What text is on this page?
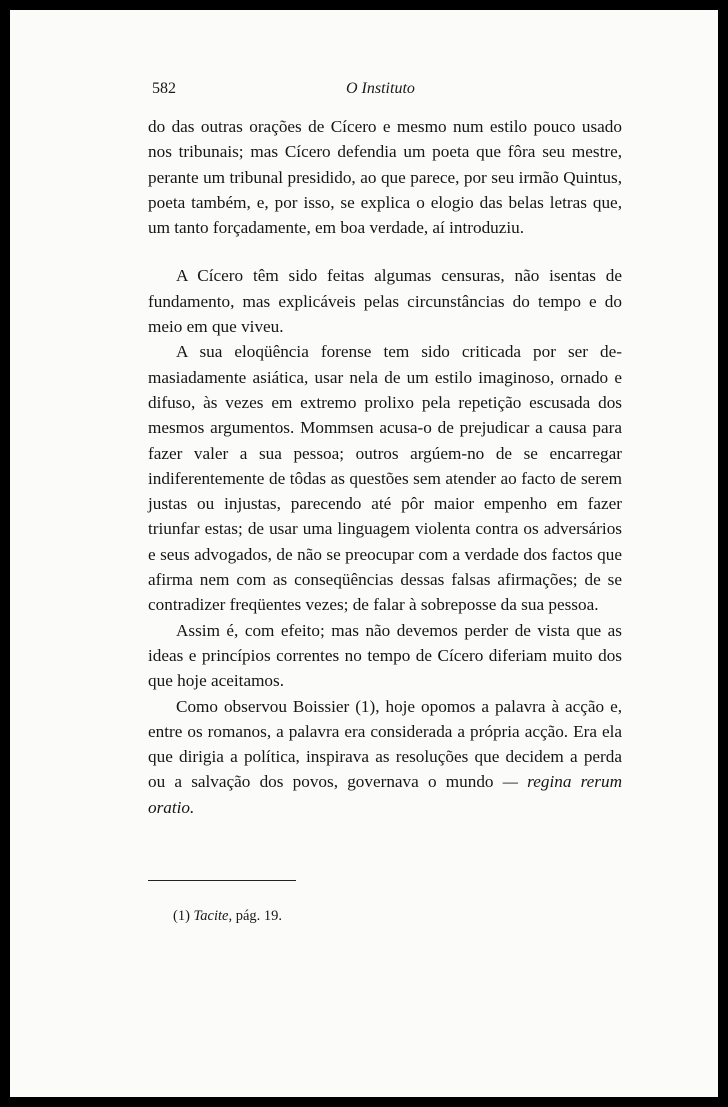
582	O Instituto

do das outras orações de Cícero e mesmo num estilo pouco usado nos tribunais; mas Cícero defendia um poeta que fôra seu mestre, perante um tribunal presidido, ao que parece, por seu irmão Quintus, poeta também, e, por isso, se explica o elogio das belas letras que, um tanto forçadamente, em boa verdade, aí introduziu.

A Cícero têm sido feitas algumas censuras, não isentas de fundamento, mas explicáveis pelas circunstâncias do tempo e do meio em que viveu.

A sua eloqüência forense tem sido criticada por ser demasiadamente asiática, usar nela de um estilo imaginoso, ornado e difuso, às vezes em extremo prolixo pela repetição escusada dos mesmos argumentos. Mommsen acusa-o de prejudicar a causa para fazer valer a sua pessoa; outros argúem-no de se encarregar indiferentemente de tôdas as questões sem atender ao facto de serem justas ou injustas, parecendo até pôr maior empenho em fazer triunfar estas; de usar uma linguagem violenta contra os adversários e seus advogados, de não se preocupar com a verdade dos factos que afirma nem com as conseqüências dessas falsas afirmações; de se contradizer freqüentes vezes; de falar à sobreposse da sua pessoa.

Assim é, com efeito; mas não devemos perder de vista que as ideas e princípios correntes no tempo de Cícero diferiam muito dos que hoje aceitamos.

Como observou Boissier (1), hoje opomos a palavra à acção e, entre os romanos, a palavra era considerada a própria acção. Era ela que dirigia a política, inspirava as resoluções que decidem a perda ou a salvação dos povos, governava o mundo — regina rerum oratio.

(1) Tacite, pág. 19.
